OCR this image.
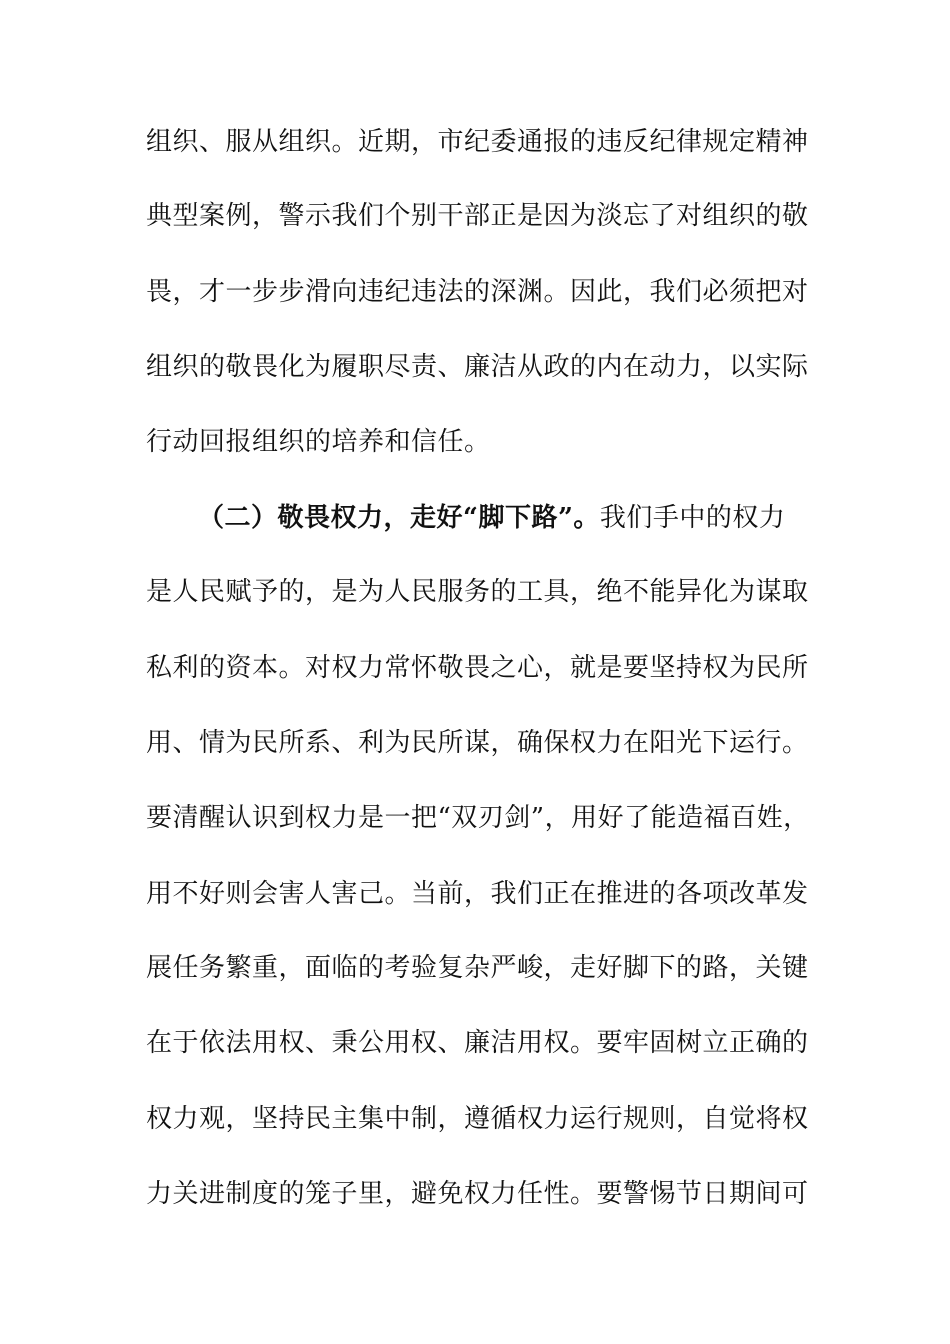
组织、服从组织。近期，市纪委通报的违反纪律规定精神
典型案例，警示我们个别干部正是因为淡忘了对组织的敬
畏，才一步步滑向违纪违法的深渊。因此，我们必须把对
组织的敬畏化为履职尽责、廉洁从政的内在动力，以实际
行动回报组织的培养和信任。
（二）敬畏权力，走好“脚下路”。我们手中的权力
是人民赋予的，是为人民服务的工具，绝不能异化为谋取
私利的资本。对权力常怀敬畏之心，就是要坚持权为民所
用、情为民所系、利为民所谋，确保权力在阳光下运行。
要清醒认识到权力是一把“双刃剑”，用好了能造福百姓，
用不好则会害人害己。当前，我们正在推进的各项改革发
展任务繁重，面临的考验复杂严峻，走好脚下的路，关键
在于依法用权、秉公用权、廉洁用权。要牢固树立正确的
权力观，坚持民主集中制，遵循权力运行规则，自觉将权
力关进制度的笼子里，避免权力任性。要警惕节日期间可
